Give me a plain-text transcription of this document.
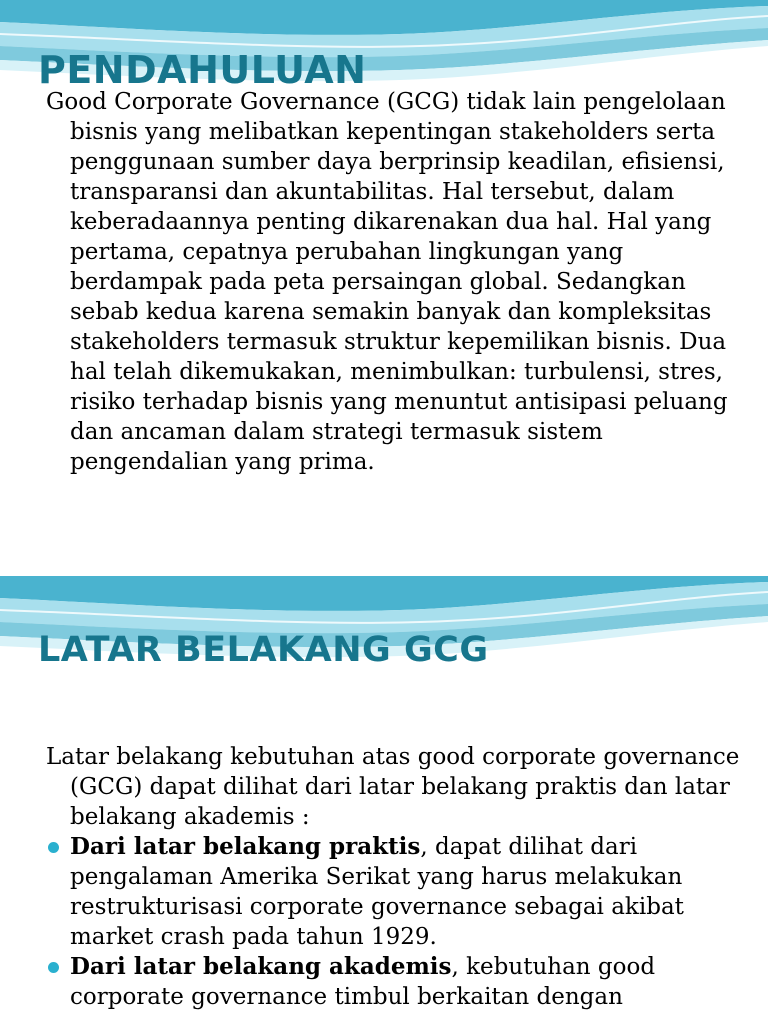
PENDAHULUAN

Good Corporate Governance (GCG) tidak lain pengelolaan bisnis yang melibatkan kepentingan stakeholders serta penggunaan sumber daya berprinsip keadilan, efisiensi, transparansi dan akuntabilitas. Hal tersebut, dalam keberadaannya penting dikarenakan dua hal. Hal yang pertama, cepatnya perubahan lingkungan yang berdampak pada peta persaingan global. Sedangkan sebab kedua karena semakin banyak dan kompleksitas stakeholders termasuk struktur kepemilikan bisnis. Dua hal telah dikemukakan, menimbulkan: turbulensi, stres, risiko terhadap bisnis yang menuntut antisipasi peluang dan ancaman dalam strategi termasuk sistem pengendalian yang prima.

LATAR BELAKANG GCG

Latar belakang kebutuhan atas good corporate governance (GCG) dapat dilihat dari latar belakang praktis dan latar belakang akademis :

Dari latar belakang praktis, dapat dilihat dari pengalaman Amerika Serikat yang harus melakukan restrukturisasi corporate governance sebagai akibat market crash pada tahun 1929.
Dari latar belakang akademis, kebutuhan good corporate governance timbul berkaitan dengan
